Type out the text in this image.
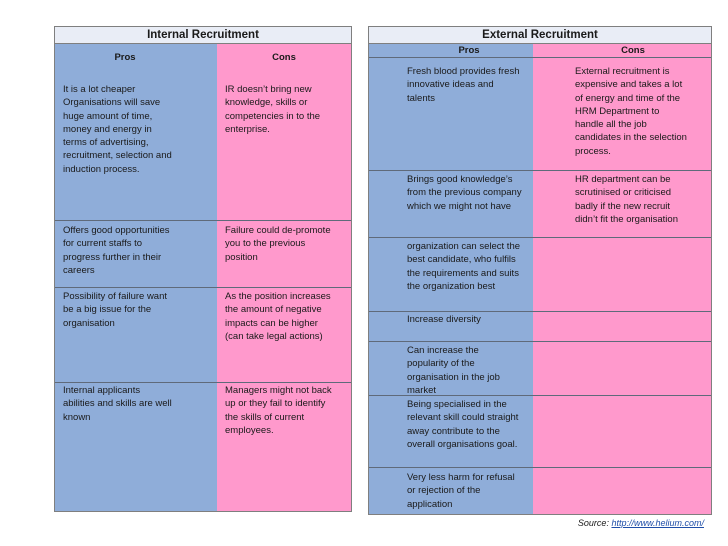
Internal Recruitment
Pros	Cons
It is a lot cheaper
Organisations will save
huge amount of time,
money and energy in
terms of advertising,
recruitment, selection and
induction process.
IR doesn’t bring new
knowledge, skills or
competencies in to the
enterprise.
Offers good opportunities
for current staffs to
progress further in their
careers
Failure could de-promote
you to the previous
position
Possibility of failure want
be a big issue for the
organisation
As the position increases
the amount of negative
impacts can be higher
(can take legal actions)
Internal applicants
abilities and skills are well
known
Managers might not back
up or they fail to identify
the skills of current
employees.
External Recruitment
Pros	Cons
Fresh blood provides fresh
innovative ideas and
talents
External recruitment is
expensive and takes a lot
of energy and time of the
HRM Department to
handle all the job
candidates in the selection
process.
Brings good knowledge’s
from the previous company
which we might not have
HR department can be
scrutinised or criticised
badly if the new recruit
didn’t fit the organisation
organization can select the
best candidate, who fulfils
the requirements and suits
the organization best
Increase diversity
Can increase the
popularity of the
organisation in the job
market
Being specialised in the
relevant skill could straight
away contribute to the
overall organisations goal.
Very less harm for refusal
or rejection of the
application
Source: http://www.helium.com/
